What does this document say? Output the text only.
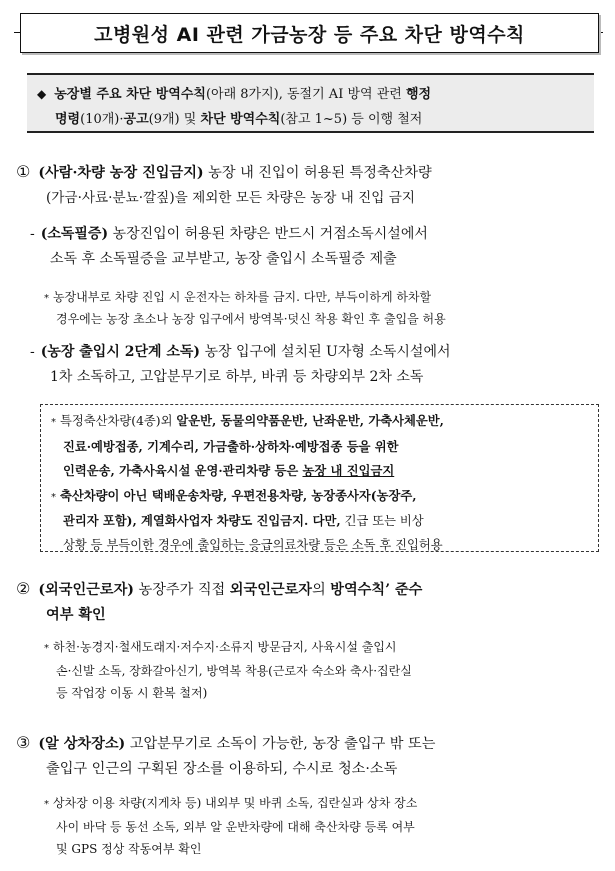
고병원성 AI 관련 가금농장 등 주요 차단 방역수칙
◆ 농장별 주요 차단 방역수칙(아래 8가지), 동절기 AI 방역 관련 행정
명령(10개)·공고(9개) 및 차단 방역수칙(참고 1~5) 등 이행 철저
① (사람·차량 농장 진입금지) 농장 내 진입이 허용된 특정축산차량
(가금·사료·분뇨·깔짚)을 제외한 모든 차량은 농장 내 진입 금지
- (소독필증) 농장진입이 허용된 차량은 반드시 거점소독시설에서
소독 후 소독필증을 교부받고, 농장 출입시 소독필증 제출
* 농장내부로 차량 진입 시 운전자는 하차를 금지. 다만, 부득이하게 하차할
경우에는 농장 초소나 농장 입구에서 방역복·덧신 착용 확인 후 출입을 허용
- (농장 출입시 2단계 소독) 농장 입구에 설치된 U자형 소독시설에서
1차 소독하고, 고압분무기로 하부, 바퀴 등 차량외부 2차 소독
* 특정축산차량(4종)외 알운반, 동물의약품운반, 난좌운반, 가축사체운반,
진료·예방접종, 기계수리, 가금출하·상하차·예방접종 등을 위한
인력운송, 가축사육시설 운영·관리차량 등은 농장 내 진입금지
* 축산차량이 아닌 택배운송차량, 우편전용차량, 농장종사자(농장주,
관리자 포함), 계열화사업자 차량도 진입금지. 다만, 긴급 또는 비상
상황 등 부득이한 경우에 출입하는 응급의료차량 등은 소독 후 진입허용
② (외국인근로자) 농장주가 직접 외국인근로자의 방역수칙’ 준수
여부 확인
* 하천·농경지·철새도래지·저수지·소류지 방문금지, 사육시설 출입시
손·신발 소독, 장화갈아신기, 방역복 착용(근로자 숙소와 축사·집란실
등 작업장 이동 시 환복 철저)
③ (알 상차장소) 고압분무기로 소독이 가능한, 농장 출입구 밖 또는
출입구 인근의 구획된 장소를 이용하되, 수시로 청소·소독
* 상차장 이용 차량(지게차 등) 내외부 및 바퀴 소독, 집란실과 상차 장소
사이 바닥 등 동선 소독, 외부 알 운반차량에 대해 축산차량 등록 여부
및 GPS 정상 작동여부 확인
